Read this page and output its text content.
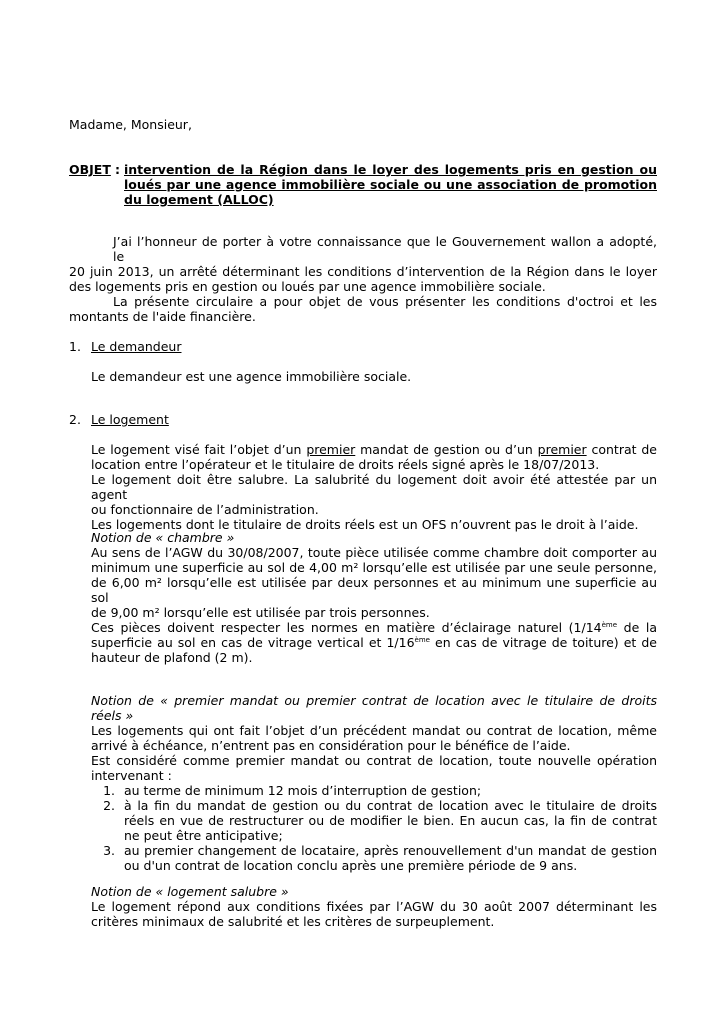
Madame, Monsieur,
OBJET : intervention de la Région dans le loyer des logements pris en gestion ou
loués par une agence immobilière sociale ou une association de promotion
du logement (ALLOC)
J’ai l’honneur de porter à votre connaissance que le Gouvernement wallon a adopté, le
20 juin 2013, un arrêté déterminant les conditions d’intervention de la Région dans le loyer
des logements pris en gestion ou loués par une agence immobilière sociale.
La présente circulaire a pour objet de vous présenter les conditions d'octroi et les
montants de l'aide financière.
1. Le demandeur
Le demandeur est une agence immobilière sociale.
2. Le logement
Le logement visé fait l’objet d’un premier mandat de gestion ou d’un premier contrat de
location entre l’opérateur et le titulaire de droits réels signé après le 18/07/2013.
Le logement doit être salubre. La salubrité du logement doit avoir été attestée par un agent
ou fonctionnaire de l’administration.
Les logements dont le titulaire de droits réels est un OFS n’ouvrent pas le droit à l’aide.
Notion de « chambre »
Au sens de l’AGW du 30/08/2007, toute pièce utilisée comme chambre doit comporter au
minimum une superficie au sol de 4,00 m² lorsqu’elle est utilisée par une seule personne,
de 6,00 m² lorsqu’elle est utilisée par deux personnes et au minimum une superficie au sol
de 9,00 m² lorsqu’elle est utilisée par trois personnes.
Ces pièces doivent respecter les normes en matière d’éclairage naturel (1/14ème de la
superficie au sol en cas de vitrage vertical et 1/16ème en cas de vitrage de toiture) et de
hauteur de plafond (2 m).
Notion de « premier mandat ou premier contrat de location avec le titulaire de droits
réels »
Les logements qui ont fait l’objet d’un précédent mandat ou contrat de location, même
arrivé à échéance, n’entrent pas en considération pour le bénéfice de l’aide.
Est considéré comme premier mandat ou contrat de location, toute nouvelle opération
intervenant :
1. au terme de minimum 12 mois d’interruption de gestion;
2. à la fin du mandat de gestion ou du contrat de location avec le titulaire de droits
réels en vue de restructurer ou de modifier le bien. En aucun cas, la fin de contrat
ne peut être anticipative;
3. au premier changement de locataire, après renouvellement d'un mandat de gestion
ou d'un contrat de location conclu après une première période de 9 ans.
Notion de « logement salubre »
Le logement répond aux conditions fixées par l’AGW du 30 août 2007 déterminant les
critères minimaux de salubrité et les critères de surpeuplement.
